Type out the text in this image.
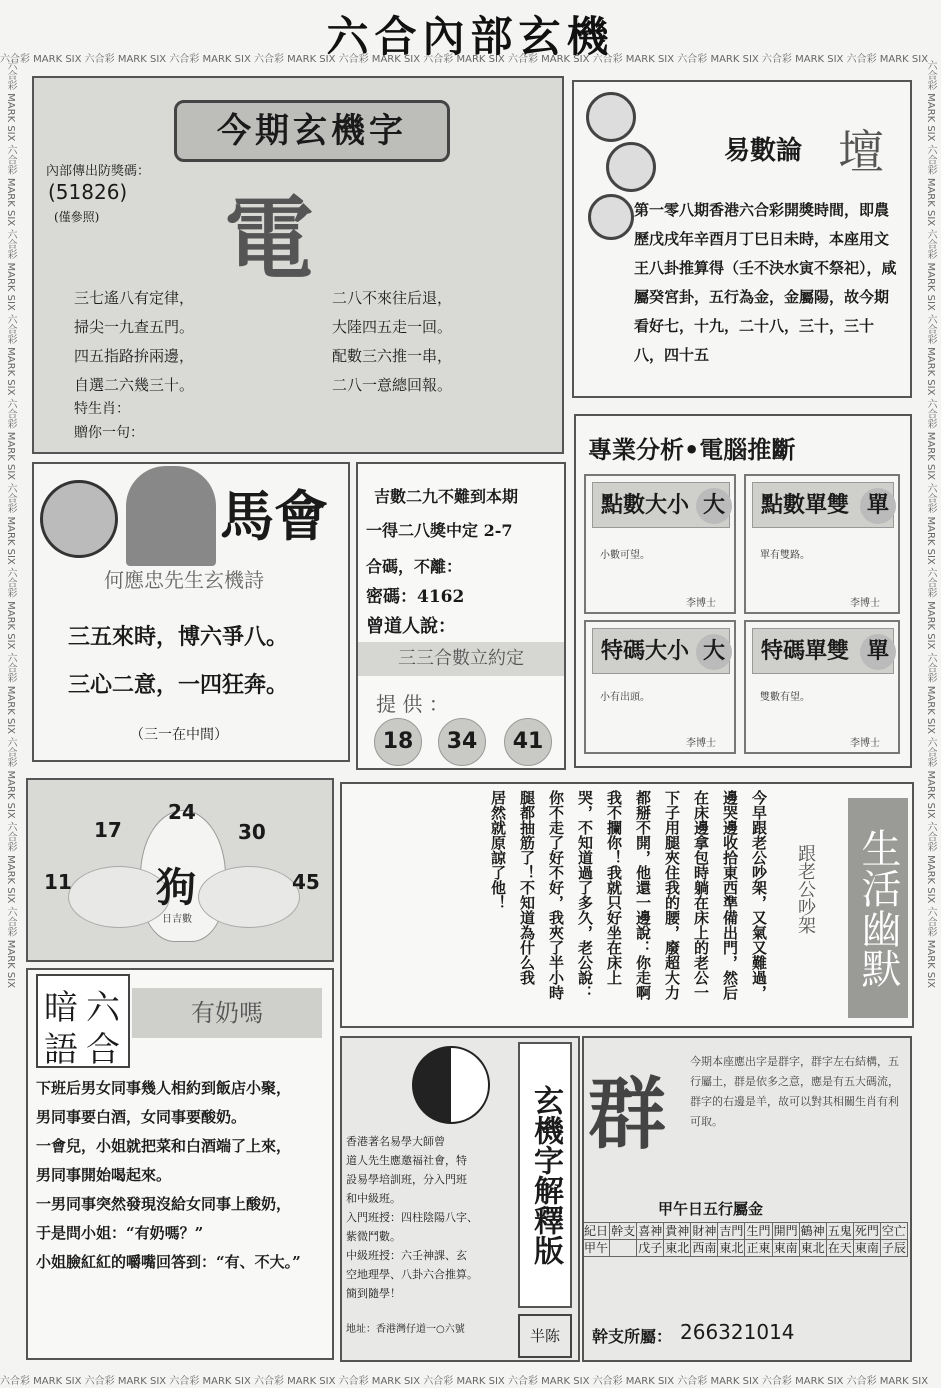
六合彩 MARK SIX 六合彩 MARK SIX 六合彩 MARK SIX 六合彩 MARK SIX 六合彩 MARK SIX 六合彩 MARK SIX 六合彩 MARK SIX 六合彩 MARK SIX 六合彩 MARK SIX 六合彩 MARK SIX 六合彩 MARK SIX
六合彩 MARK SIX 六合彩 MARK SIX 六合彩 MARK SIX 六合彩 MARK SIX 六合彩 MARK SIX 六合彩 MARK SIX 六合彩 MARK SIX 六合彩 MARK SIX 六合彩 MARK SIX 六合彩 MARK SIX 六合彩 MARK SIX
六合彩 MARK SIX 六合彩 MARK SIX 六合彩 MARK SIX 六合彩 MARK SIX 六合彩 MARK SIX 六合彩 MARK SIX 六合彩 MARK SIX 六合彩 MARK SIX 六合彩 MARK SIX 六合彩 MARK SIX 六合彩 MARK SIX	六合彩 MARK SIX 六合彩 MARK SIX 六合彩 MARK SIX 六合彩 MARK SIX 六合彩 MARK SIX 六合彩 MARK SIX 六合彩 MARK SIX 六合彩 MARK SIX 六合彩 MARK SIX 六合彩 MARK SIX 六合彩 MARK SIX
六合內部玄機
今期玄機字
內部傳出防獎碼：
(51826)
(僅參照) 電
三七遙八有定律，
掃尖一九查五門。
四五指路拚兩邊，
自選二六幾三十。
二八不來往后退，
大陸四五走一回。
配數三六推一串，
二八一意總回報。
特生肖：
贈你一句：
易數論 壇
第一零八期香港六合彩開獎時間，即農歷戊戌年辛酉月丁巳日未時，本座用文王八卦推算得（壬不決水寅不祭祀），咸屬癸宮卦，五行為金，金屬陽，故今期看好七，十九，二十八，三十，三十八，四十五
馬會
何應忠先生玄機詩
三五來時，博六爭八。
三心二意，一四狂奔。
（三一在中間）
吉數二九不難到本期
一得二八獎中定 2-7
合碼，不離：
密碼：4162
曾道人說：
三三合數立約定
提 供 ：
18	34	41
專業分析•電腦推斷
點數大小 大
小數可望。
李博士
點數單雙 單
單有雙路。
李博士
特碼大小 大
小有出頭。
李博士
特碼單雙 單
雙數有望。
李博士
狗
日吉數
24
17	30
11	45	生活幽默
跟老公吵架
今早跟老公吵架，又氣又難過，
邊哭邊收拾東西準備出門，然后
在床邊拿包時躺在床上的老公一
下子用腿夾住我的腰，廢超大力
都掰不開，他還一邊說：你走啊
我不攔你！我就只好坐在床上
哭，不知道過了多久，老公說：
你不走了好不好，我夾了半小時
腿都抽筋了！不知道為什么我
居然就原諒了他！
暗
語
六
合
有奶嗎
下班后男女同事幾人相約到飯店小聚，
男同事要白酒，女同事要酸奶。
一會兒，小姐就把菜和白酒端了上來，
男同事開始喝起來。
一男同事突然發現沒給女同事上酸奶，
于是問小姐：“有奶嗎？”
小姐臉紅紅的嚼嘴回答到：“有、不大。”
香港著名易學大師曾
道人先生應邀福社會，特
設易學培訓班，分入門班
和中級班。
入門班授：四柱陰陽八字、
紫微鬥數。
中級班授：六壬神課、玄
空地理學、八卦六合推算。
簡到隨學！
地址：香港灣仔道一○六號
玄機字解釋版
半陈
群
今期本座應出字是群字，群字左右結構，五行屬土，群是依多之意，應是有五大碼流，群字的右邊是羊，故可以對其相關生肖有利可取。
甲午日五行屬金
紀日	幹支	喜神	貴神	財神	吉門	生門	開門	鶴神	五鬼	死門	空亡
甲午		戊子	東北	西南	東北	正東	東南	東北	在天	東南	子辰
幹支所屬： 266321014
